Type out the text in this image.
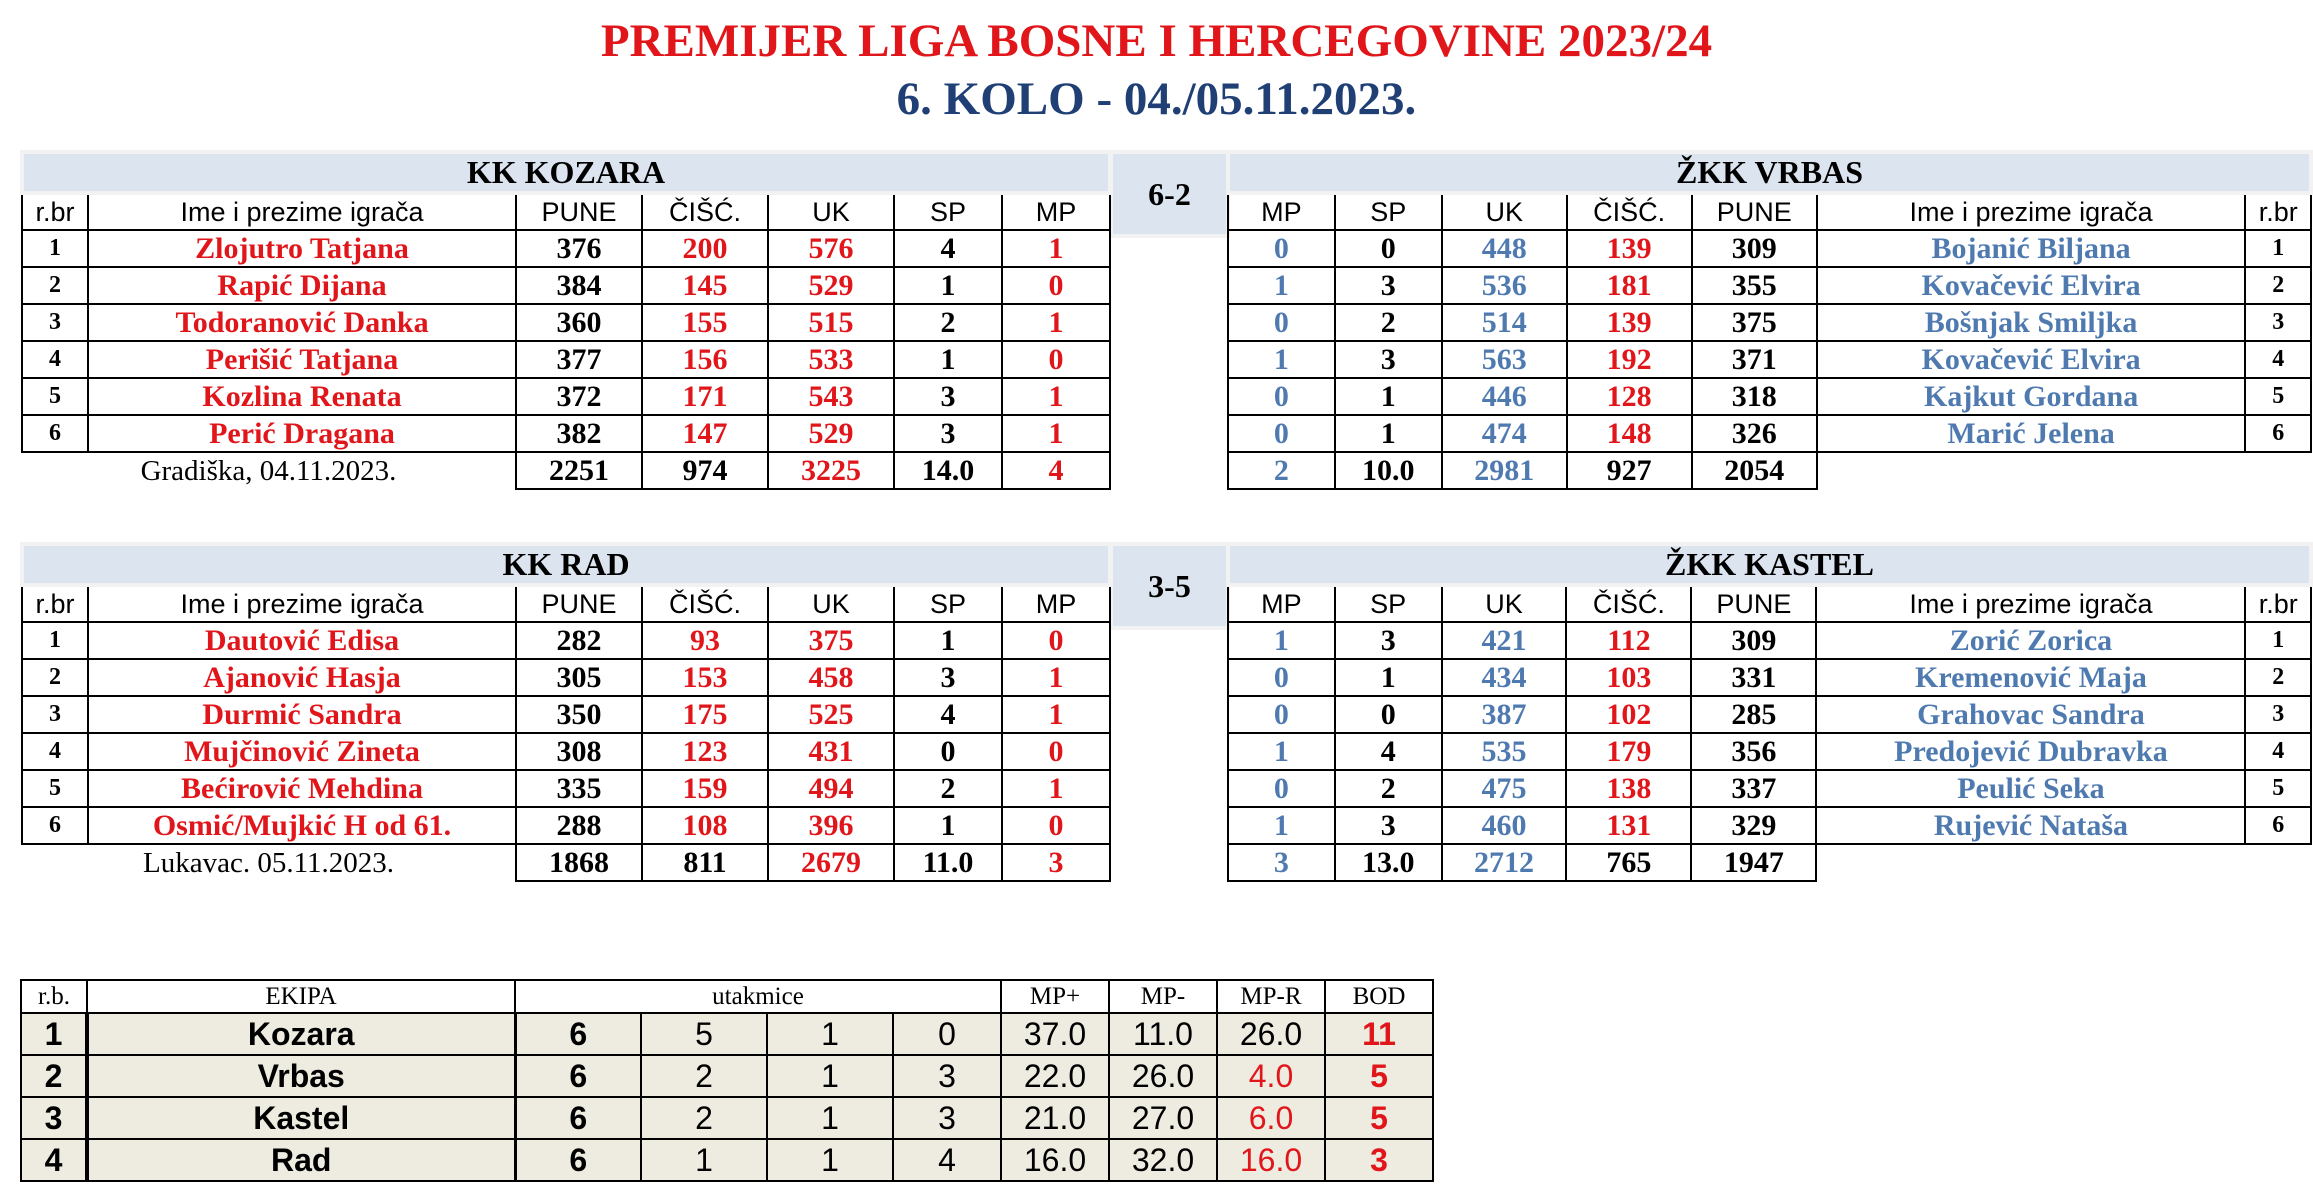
PREMIJER LIGA BOSNE I HERCEGOVINE 2023/24
6. KOLO - 04./05.11.2023.
6-2
KK KOZARA						
r.br	Ime i prezime igrača	PUNE	ČIŠĆ.	UK	SP	MP
1	Zlojutro Tatjana	376	200	576	4	1
2	Rapić Dijana	384	145	529	1	0
3	Todoranović Danka	360	155	515	2	1
4	Perišić Tatjana	377	156	533	1	0
5	Kozlina Renata	372	171	543	3	1
6	Perić Dragana	382	147	529	3	1
Gradiška, 04.11.2023.		2251	974	3225	14.0	4
ŽKK VRBAS						
MP	SP	UK	ČIŠĆ.	PUNE	Ime i prezime igrača	r.br
0	0	448	139	309	Bojanić Biljana	1
1	3	536	181	355	Kovačević Elvira	2
0	2	514	139	375	Bošnjak Smiljka	3
1	3	563	192	371	Kovačević Elvira	4
0	1	446	128	318	Kajkut Gordana	5
0	1	474	148	326	Marić Jelena	6
2	10.0	2981	927	2054		
3-5
KK RAD						
r.br	Ime i prezime igrača	PUNE	ČIŠĆ.	UK	SP	MP
1	Dautović Edisa	282	93	375	1	0
2	Ajanović Hasja	305	153	458	3	1
3	Durmić Sandra	350	175	525	4	1
4	Mujčinović Zineta	308	123	431	0	0
5	Bećirović Mehdina	335	159	494	2	1
6	Osmić/Mujkić H od 61.	288	108	396	1	0
Lukavac. 05.11.2023.		1868	811	2679	11.0	3
ŽKK KASTEL						
MP	SP	UK	ČIŠĆ.	PUNE	Ime i prezime igrača	r.br
1	3	421	112	309	Zorić Zorica	1
0	1	434	103	331	Kremenović Maja	2
0	0	387	102	285	Grahovac Sandra	3
1	4	535	179	356	Predojević Dubravka	4
0	2	475	138	337	Peulić Seka	5
1	3	460	131	329	Rujević Nataša	6
3	13.0	2712	765	1947		
r.b.	EKIPA	utakmice				MP+	MP-	MP-R	BOD
1	Kozara	6	5	1	0	37.0	11.0	26.0	11
2	Vrbas	6	2	1	3	22.0	26.0	4.0	5
3	Kastel	6	2	1	3	21.0	27.0	6.0	5
4	Rad	6	1	1	4	16.0	32.0	16.0	3
